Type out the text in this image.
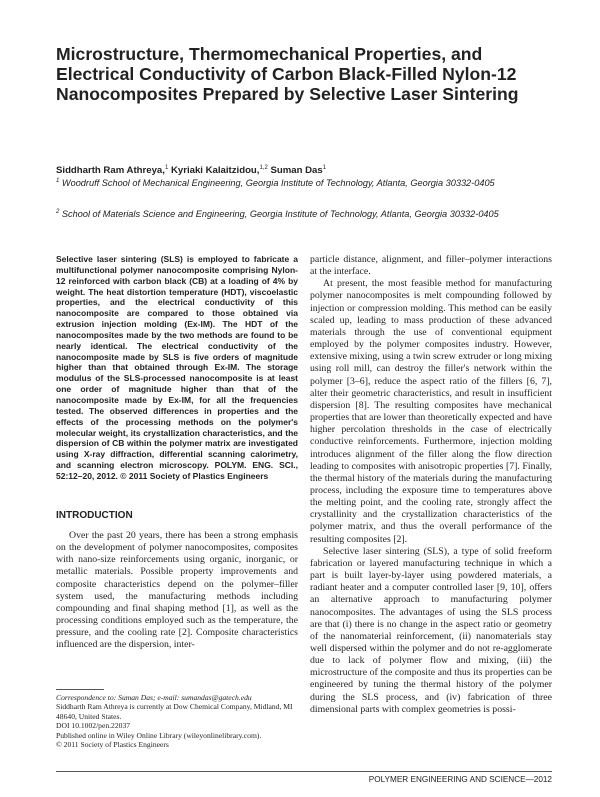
Microstructure, Thermomechanical Properties, and Electrical Conductivity of Carbon Black-Filled Nylon-12 Nanocomposites Prepared by Selective Laser Sintering
Siddharth Ram Athreya,$^1$ Kyriaki Kalaitzidou,$^{1,2}$ Suman Das$^1$
$^1$ Woodruff School of Mechanical Engineering, Georgia Institute of Technology, Atlanta, Georgia 30332-0405
$^2$ School of Materials Science and Engineering, Georgia Institute of Technology, Atlanta, Georgia 30332-0405

Selective laser sintering (SLS) is employed to fabricate a multifunctional polymer nanocomposite comprising Nylon-12 reinforced with carbon black (CB) at a loading of 4% by weight. The heat distortion temperature (HDT), viscoelastic properties, and the electrical conductivity of this nanocomposite are compared to those obtained via extrusion injection molding (Ex-IM). The HDT of the nanocomposites made by the two methods are found to be nearly identical. The electrical conductivity of the nanocomposite made by SLS is five orders of magnitude higher than that obtained through Ex-IM. The storage modulus of the SLS-processed nanocomposite is at least one order of magnitude higher than that of the nanocomposite made by Ex-IM, for all the frequencies tested. The observed differences in properties and the effects of the processing methods on the polymer's molecular weight, its crystallization characteristics, and the dispersion of CB within the polymer matrix are investigated using X-ray diffraction, differential scanning calorimetry, and scanning electron microscopy. POLYM. ENG. SCI., 52:12–20, 2012. © 2011 Society of Plastics Engineers

INTRODUCTION

Over the past 20 years, there has been a strong emphasis on the development of polymer nanocomposites, composites with nano-size reinforcements using organic, inorganic, or metallic materials. Possible property improvements and composite characteristics depend on the polymer–filler system used, the manufacturing methods including compounding and final shaping method [1], as well as the processing conditions employed such as the temperature, the pressure, and the cooling rate [2]. Composite characteristics influenced are the dispersion, inter-

Correspondence to: Suman Das; e-mail: sumandas@gatech.edu
Siddharth Ram Athreya is currently at Dow Chemical Company, Midland, MI 48640, United States.
DOI 10.1002/pen.22037
Published online in Wiley Online Library (wileyonlinelibrary.com).
© 2011 Society of Plastics Engineers

particle distance, alignment, and filler–polymer interactions at the interface.

At present, the most feasible method for manufacturing polymer nanocomposites is melt compounding followed by injection or compression molding. This method can be easily scaled up, leading to mass production of these advanced materials through the use of conventional equipment employed by the polymer composites industry. However, extensive mixing, using a twin screw extruder or long mixing using roll mill, can destroy the filler's network within the polymer [3–6], reduce the aspect ratio of the fillers [6, 7], alter their geometric characteristics, and result in insufficient dispersion [8]. The resulting composites have mechanical properties that are lower than theoretically expected and have higher percolation thresholds in the case of electrically conductive reinforcements. Furthermore, injection molding introduces alignment of the filler along the flow direction leading to composites with anisotropic properties [7]. Finally, the thermal history of the materials during the manufacturing process, including the exposure time to temperatures above the melting point, and the cooling rate, strongly affect the crystallinity and the crystallization characteristics of the polymer matrix, and thus the overall performance of the resulting composites [2].

Selective laser sintering (SLS), a type of solid freeform fabrication or layered manufacturing technique in which a part is built layer-by-layer using powdered materials, a radiant heater and a computer controlled laser [9, 10], offers an alternative approach to manufacturing polymer nanocomposites. The advantages of using the SLS process are that (i) there is no change in the aspect ratio or geometry of the nanomaterial reinforcement, (ii) nanomaterials stay well dispersed within the polymer and do not re-agglomerate due to lack of polymer flow and mixing, (iii) the microstructure of the composite and thus its properties can be engineered by tuning the thermal history of the polymer during the SLS process, and (iv) fabrication of three dimensional parts with complex geometries is possi-

POLYMER ENGINEERING AND SCIENCE—2012
